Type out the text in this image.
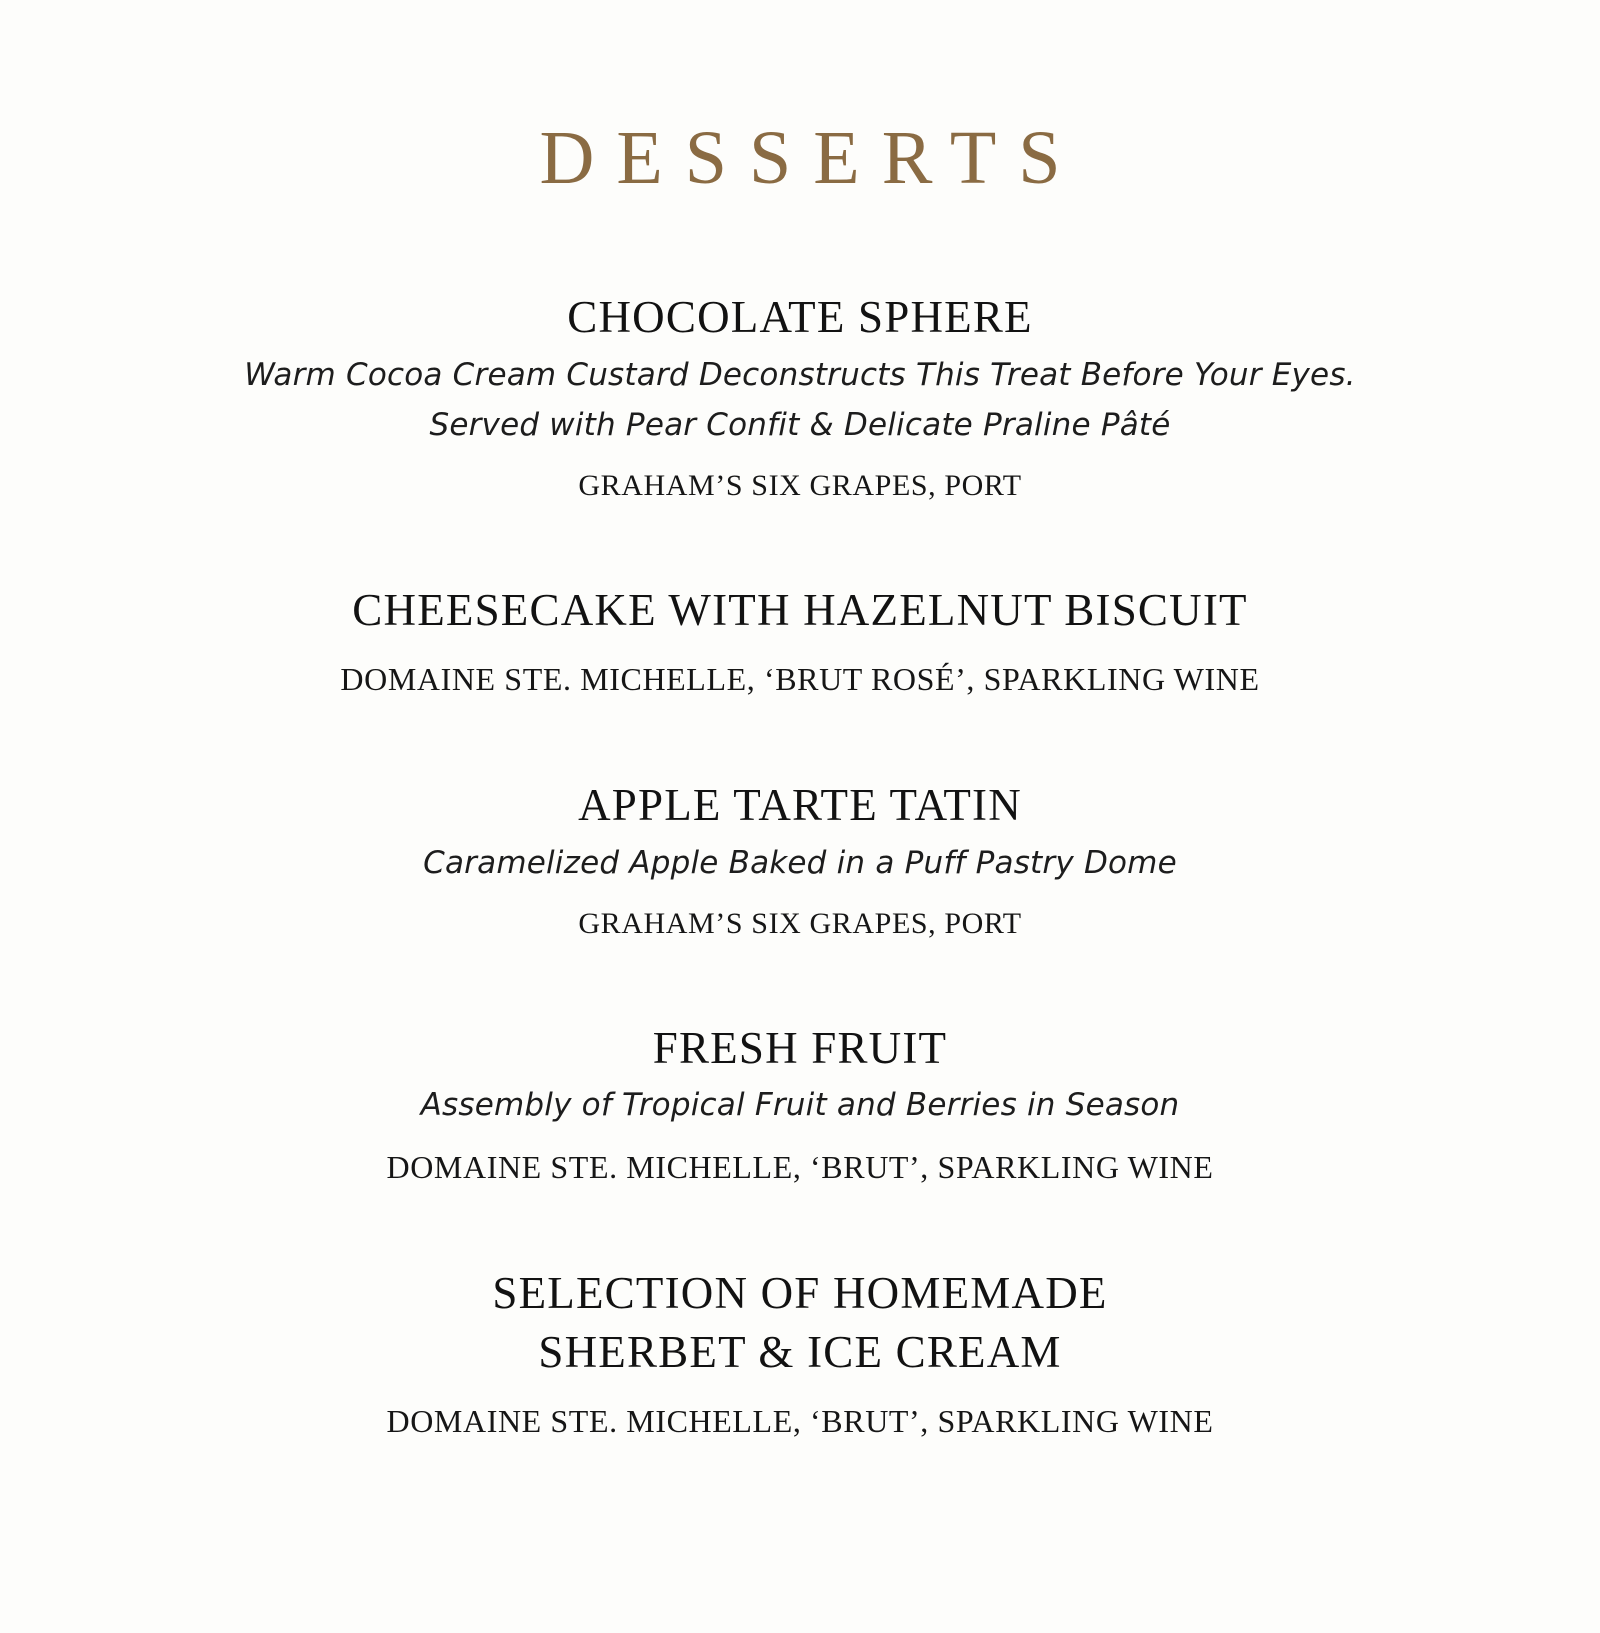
DESSERTS
CHOCOLATE SPHERE
Warm Cocoa Cream Custard Deconstructs This Treat Before Your Eyes.
Served with Pear Confit & Delicate Praline Pâté
GRAHAM’S SIX GRAPES, PORT
CHEESECAKE WITH HAZELNUT BISCUIT
DOMAINE STE. MICHELLE, ‘BRUT ROSÉ’, SPARKLING WINE
APPLE TARTE TATIN
Caramelized Apple Baked in a Puff Pastry Dome
GRAHAM’S SIX GRAPES, PORT
FRESH FRUIT
Assembly of Tropical Fruit and Berries in Season
DOMAINE STE. MICHELLE, ‘BRUT’, SPARKLING WINE
SELECTION OF HOMEMADE SHERBET & ICE CREAM
DOMAINE STE. MICHELLE, ‘BRUT’, SPARKLING WINE
